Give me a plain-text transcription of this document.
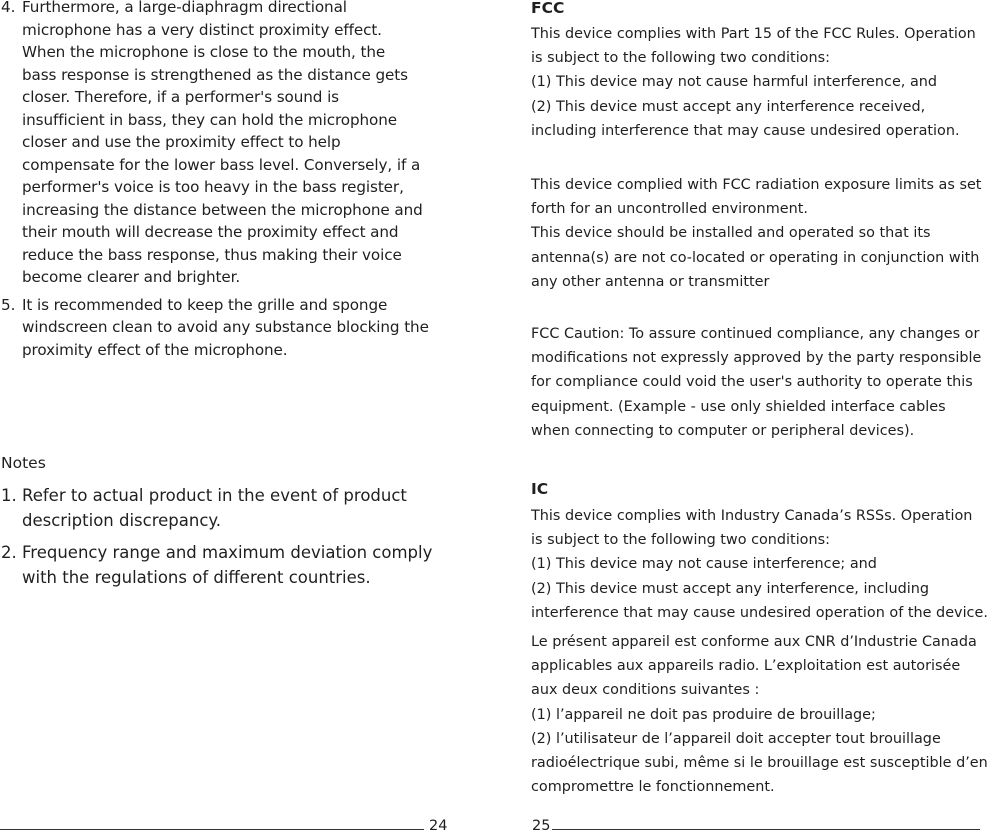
4. Furthermore, a large-diaphragm directional
microphone has a very distinct proximity effect.
When the microphone is close to the mouth, the
bass response is strengthened as the distance gets
closer. Therefore, if a performer's sound is
insufficient in bass, they can hold the microphone
closer and use the proximity effect to help
compensate for the lower bass level. Conversely, if a
performer's voice is too heavy in the bass register,
increasing the distance between the microphone and
their mouth will decrease the proximity effect and
reduce the bass response, thus making their voice
become clearer and brighter.
5. It is recommended to keep the grille and sponge
windscreen clean to avoid any substance blocking the
proximity effect of the microphone.
Notes
1. Refer to actual product in the event of product
description discrepancy.
2. Frequency range and maximum deviation comply
with the regulations of different countries.
FCC
This device complies with Part 15 of the FCC Rules. Operation
is subject to the following two conditions:
(1) This device may not cause harmful interference, and
(2) This device must accept any interference received,
including interference that may cause undesired operation.
This device complied with FCC radiation exposure limits as set
forth for an uncontrolled environment.
This device should be installed and operated so that its
antenna(s) are not co-located or operating in conjunction with
any other antenna or transmitter
FCC Caution: To assure continued compliance, any changes or
modifications not expressly approved by the party responsible
for compliance could void the user's authority to operate this
equipment. (Example - use only shielded interface cables
when connecting to computer or peripheral devices).
IC
This device complies with Industry Canada’s RSSs. Operation
is subject to the following two conditions:
(1) This device may not cause interference; and
(2) This device must accept any interference, including
interference that may cause undesired operation of the device.
Le présent appareil est conforme aux CNR d’Industrie Canada
applicables aux appareils radio. L’exploitation est autorisée
aux deux conditions suivantes :
(1) l’appareil ne doit pas produire de brouillage;
(2) l’utilisateur de l’appareil doit accepter tout brouillage
radioélectrique subi, même si le brouillage est susceptible d’en
compromettre le fonctionnement.
24	25
